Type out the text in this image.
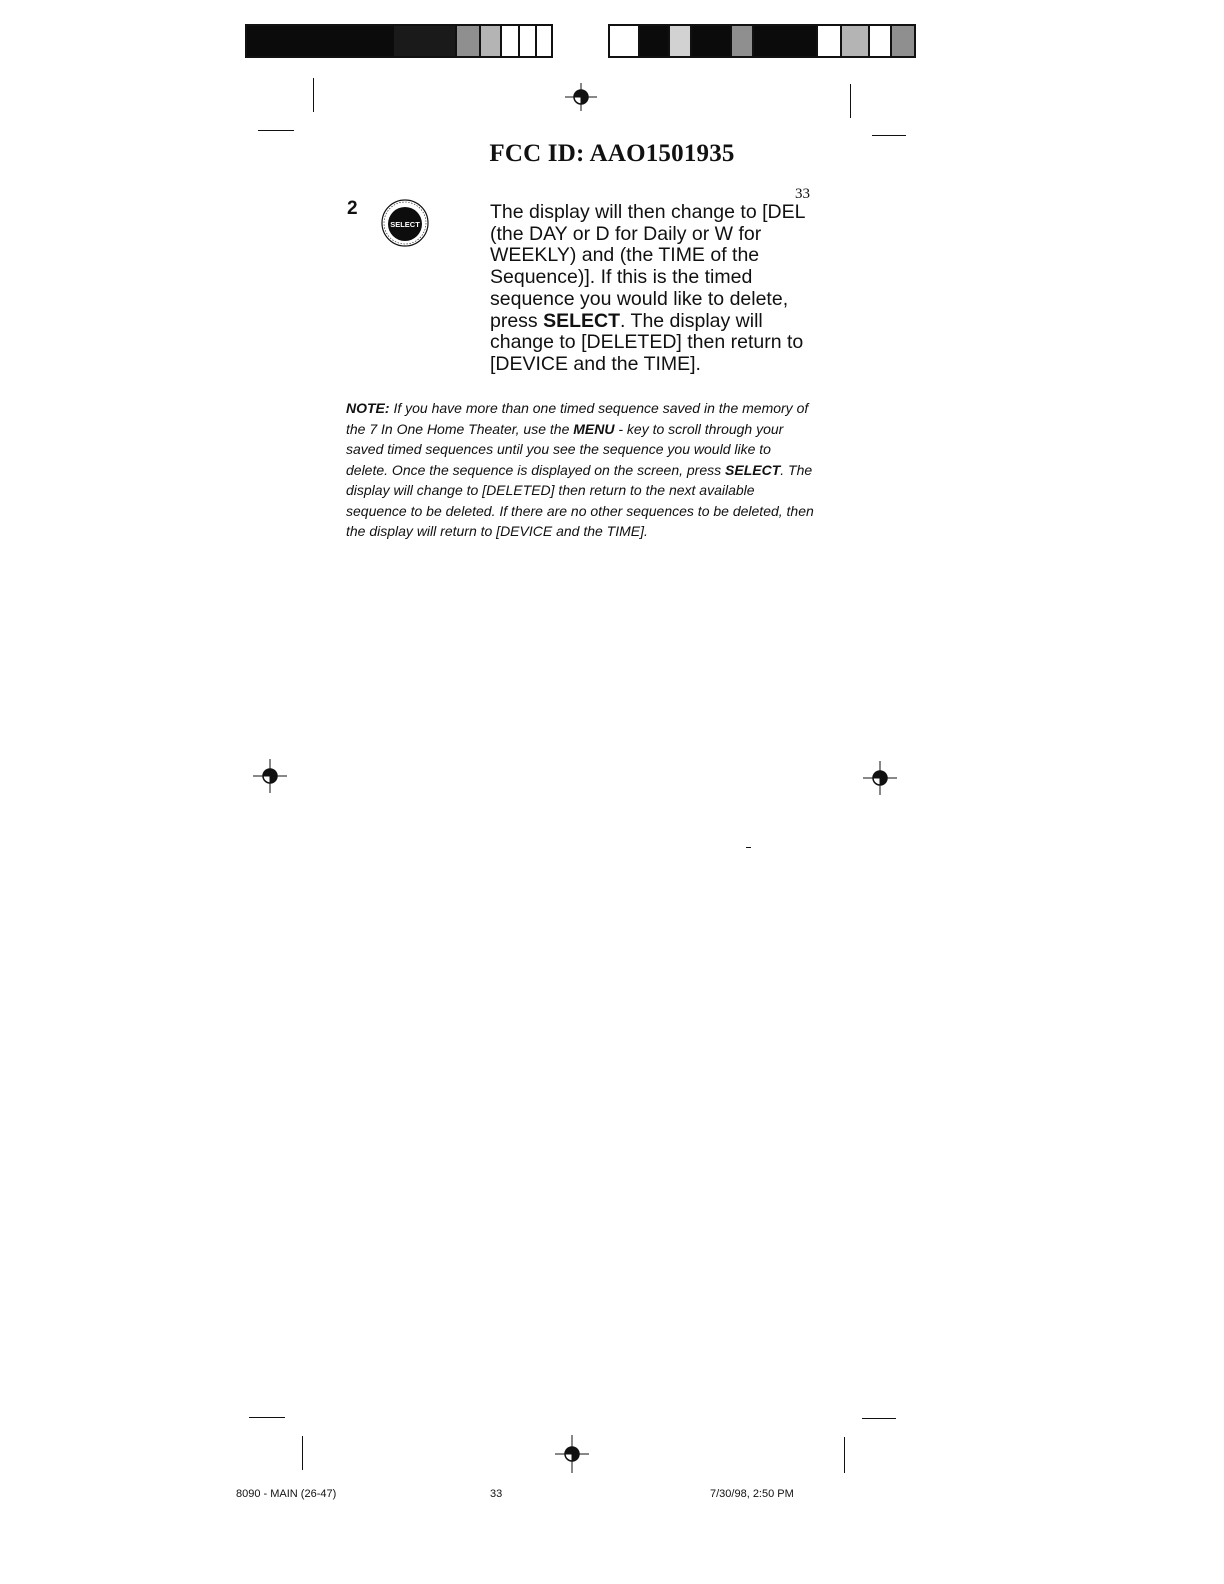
FCC ID: AAO1501935
33
2
SELECT
The display will then change to [DEL (the DAY or D for Daily or W for WEEKLY) and (the TIME of the Sequence)]. If this is the timed sequence you would like to delete, press SELECT. The display will change to [DELETED] then return to [DEVICE and the TIME].
NOTE: If you have more than one timed sequence saved in the memory of the 7 In One Home Theater, use the MENU - key to scroll through your saved timed sequences until you see the sequence you would like to delete. Once the sequence is displayed on the screen, press SELECT. The display will change to [DELETED] then return to the next available sequence to be deleted. If there are no other sequences to be deleted, then the display will return to [DEVICE and the TIME].
8090 - MAIN (26-47)	33	7/30/98, 2:50 PM
